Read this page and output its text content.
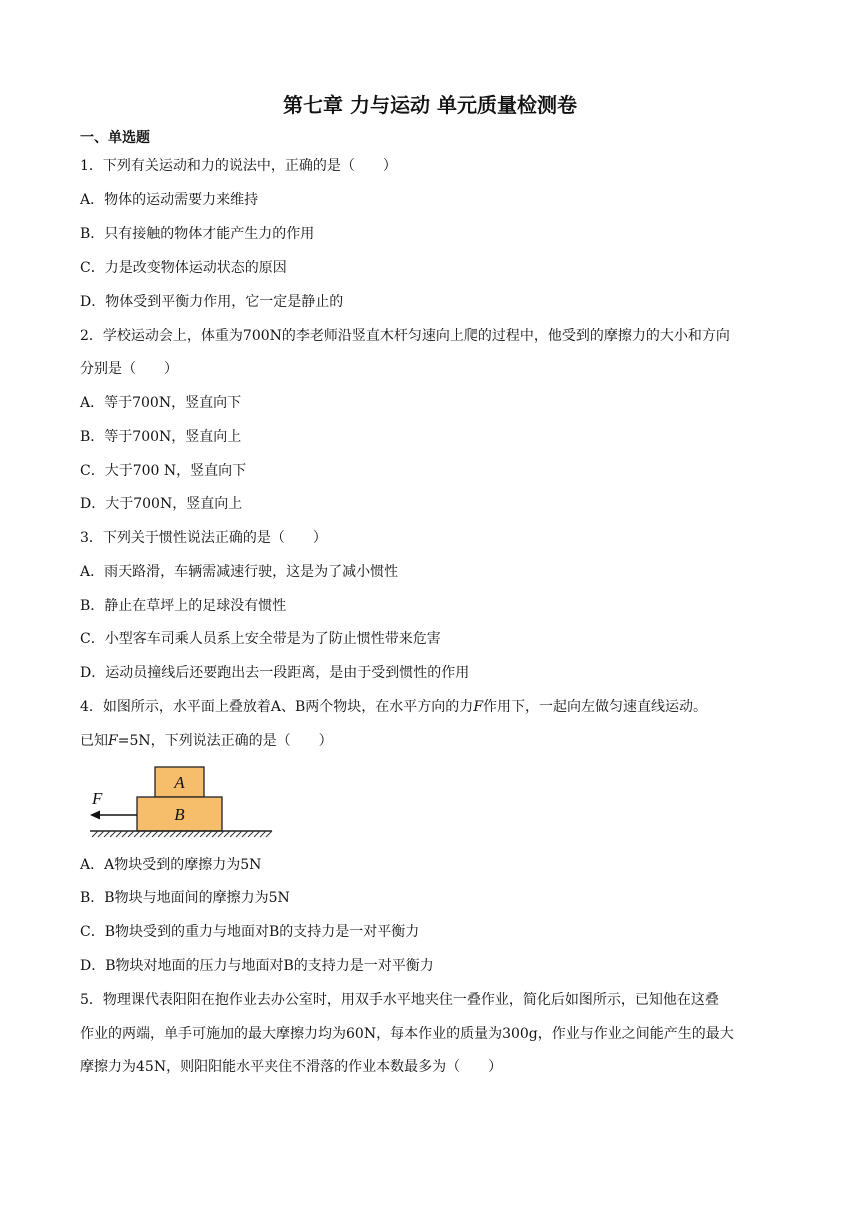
第七章 力与运动 单元质量检测卷
一、单选题
1．下列有关运动和力的说法中，正确的是（　　）
A．物体的运动需要力来维持
B．只有接触的物体才能产生力的作用
C．力是改变物体运动状态的原因
D．物体受到平衡力作用，它一定是静止的
2．学校运动会上，体重为700N的李老师沿竖直木杆匀速向上爬的过程中，他受到的摩擦力的大小和方向
分别是（　　）
A．等于700N，竖直向下
B．等于700N，竖直向上
C．大于700 N，竖直向下
D．大于700N，竖直向上
3．下列关于惯性说法正确的是（　　）
A．雨天路滑，车辆需减速行驶，这是为了减小惯性
B．静止在草坪上的足球没有惯性
C．小型客车司乘人员系上安全带是为了防止惯性带来危害
D．运动员撞线后还要跑出去一段距离，是由于受到惯性的作用
4．如图所示，水平面上叠放着A、B两个物块，在水平方向的力F作用下，一起向左做匀速直线运动。
已知F=5N，下列说法正确的是（　　）
F
A
B
A．A物块受到的摩擦力为5N
B．B物块与地面间的摩擦力为5N
C．B物块受到的重力与地面对B的支持力是一对平衡力
D．B物块对地面的压力与地面对B的支持力是一对平衡力
5．物理课代表阳阳在抱作业去办公室时，用双手水平地夹住一叠作业，简化后如图所示，已知他在这叠
作业的两端，单手可施加的最大摩擦力均为60N，每本作业的质量为300g，作业与作业之间能产生的最大
摩擦力为45N，则阳阳能水平夹住不滑落的作业本数最多为（　　）
